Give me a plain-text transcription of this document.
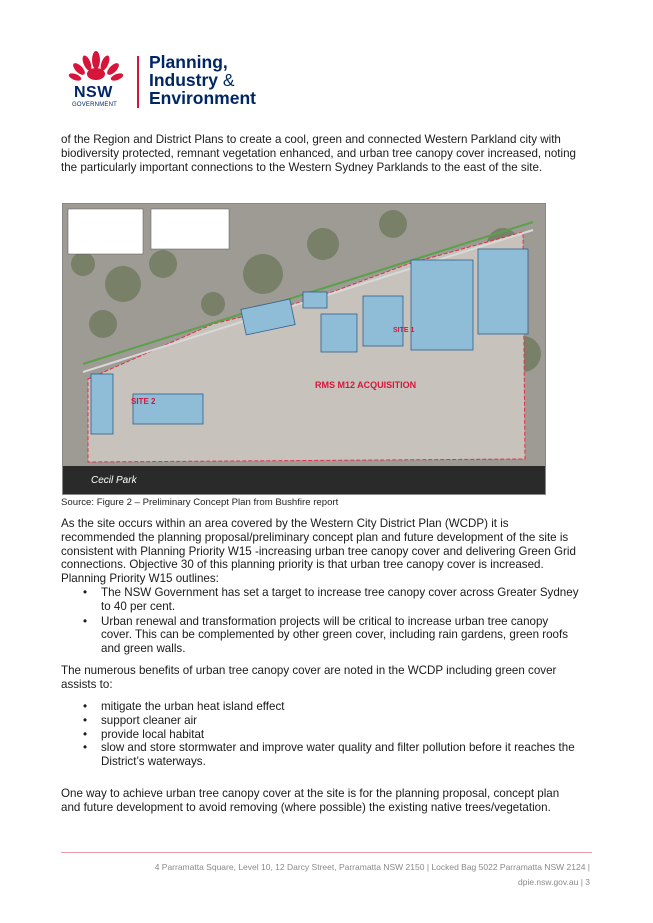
NSW
GOVERNMENT
Planning,
Industry &
Environment

of the Region and District Plans to create a cool, green and connected Western Parkland city with biodiversity protected, remnant vegetation enhanced, and urban tree canopy cover increased, noting the particularly important connections to the Western Sydney Parklands to the east of the site.

RMS M12 ACQUISITION
SITE 1
SITE 2
Cecil Park
Source: Figure 2 – Preliminary Concept Plan from Bushfire report

As the site occurs within an area covered by the Western City District Plan (WCDP) it is recommended the planning proposal/preliminary concept plan and future development of the site is consistent with Planning Priority W15 -increasing urban tree canopy cover and delivering Green Grid connections. Objective 30 of this planning priority is that urban tree canopy cover is increased. Planning Priority W15 outlines:

• The NSW Government has set a target to increase tree canopy cover across Greater Sydney to 40 per cent.
• Urban renewal and transformation projects will be critical to increase urban tree canopy cover. This can be complemented by other green cover, including rain gardens, green roofs and green walls.

The numerous benefits of urban tree canopy cover are noted in the WCDP including green cover assists to:

• mitigate the urban heat island effect
• support cleaner air
• provide local habitat
• slow and store stormwater and improve water quality and filter pollution before it reaches the District’s waterways.

One way to achieve urban tree canopy cover at the site is for the planning proposal, concept plan and future development to avoid removing (where possible) the existing native trees/vegetation.

4 Parramatta Square, Level 10, 12 Darcy Street, Parramatta NSW 2150 | Locked Bag 5022 Parramatta NSW 2124 |
dpie.nsw.gov.au | 3
